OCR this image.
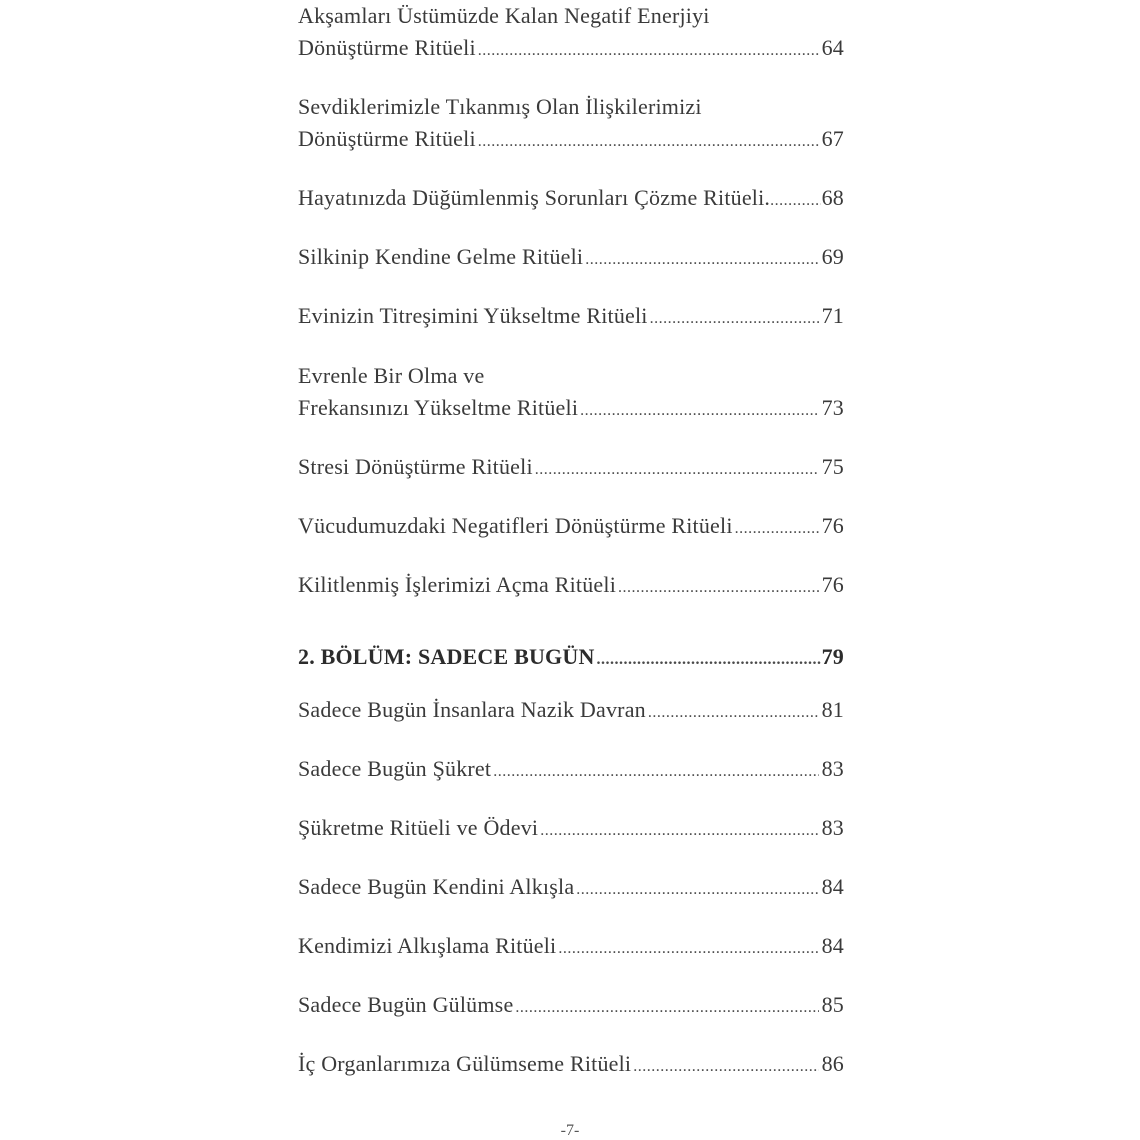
Akşamları Üstümüzde Kalan Negatif Enerjiyi
Dönüştürme Ritüeli .....	64
Sevdiklerimizle Tıkanmış Olan İlişkilerimizi
Dönüştürme Ritüeli .....	67
Hayatınızda Düğümlenmiş Sorunları Çözme Ritüeli. ..... 68
Silkinip Kendine Gelme Ritüeli .....	69
Evinizin Titreşimini Yükseltme Ritüeli .....	71
Evrenle Bir Olma ve
Frekansınızı Yükseltme Ritüeli .....	73
Stresi Dönüştürme Ritüeli .....	75
Vücudumuzdaki Negatifleri Dönüştürme Ritüeli .....	76
Kilitlenmiş İşlerimizi Açma Ritüeli .....	76
2. BÖLÜM: SADECE BUGÜN .....	79
Sadece Bugün İnsanlara Nazik Davran .....	81
Sadece Bugün Şükret .....	83
Şükretme Ritüeli ve Ödevi .....	83
Sadece Bugün Kendini Alkışla .....	84
Kendimizi Alkışlama Ritüeli .....	84
Sadece Bugün Gülümse .....	85
İç Organlarımıza Gülümseme Ritüeli .....	86
-7-
